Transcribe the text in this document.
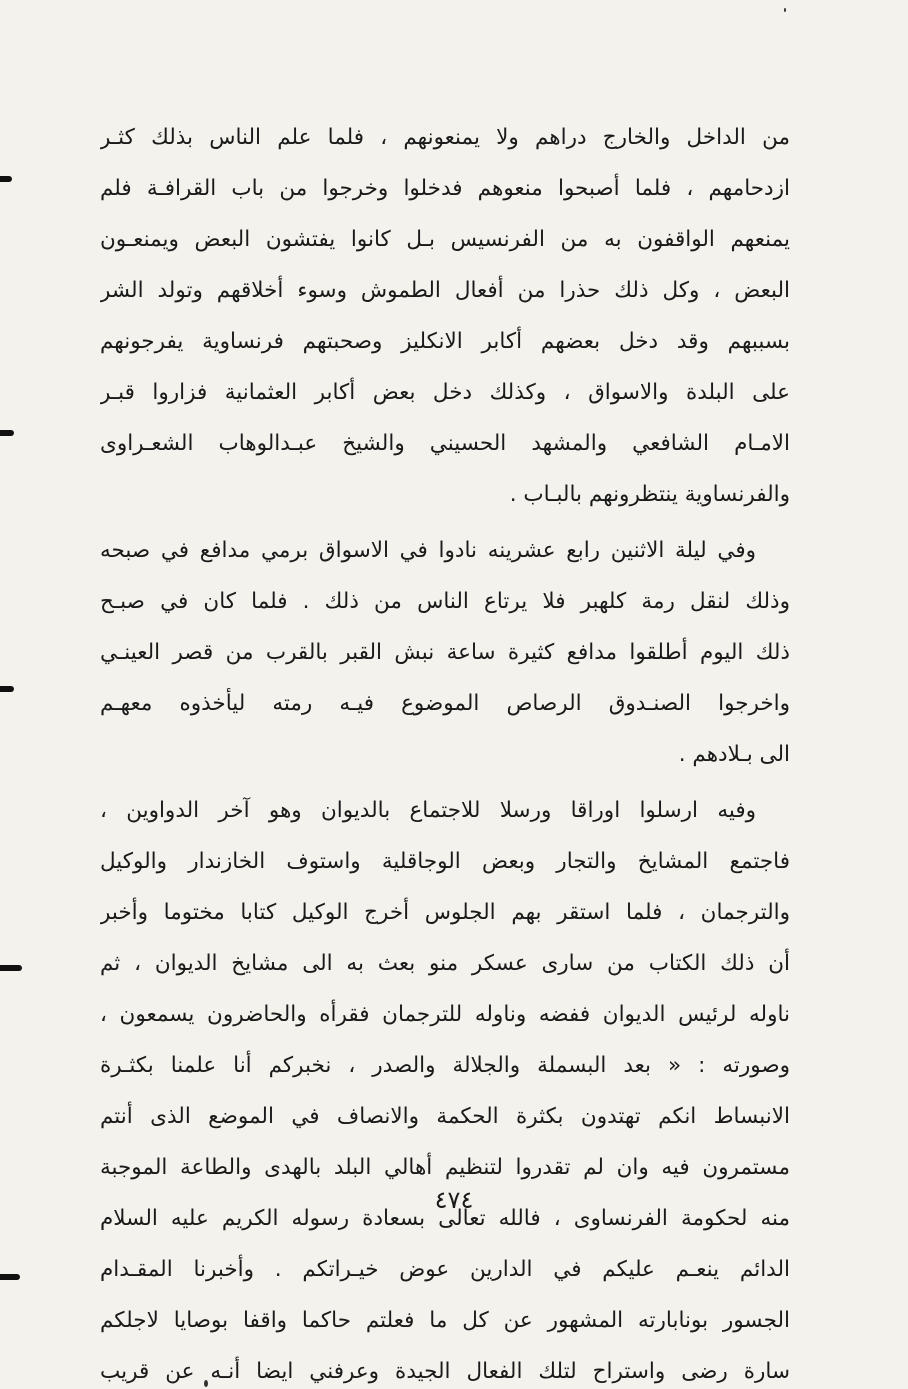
من الداخل والخارج دراهم ولا يمنعونهم ، فلما علم الناس بذلك كثـر
ازدحامهم ، فلما أصبحوا منعوهم فدخلوا وخرجوا من باب القرافـة فلم
يمنعهم الواقفون به من الفرنسيس بـل كانوا يفتشون البعض ويمنعـون
البعض ، وكل ذلك حذرا من أفعال الطموش وسوء أخلاقهم وتولد الشر
بسببهم وقد دخل بعضهم أكابر الانكليز وصحبتهم فرنساوية يفرجونهم
على البلدة والاسواق ، وكذلك دخل بعض أكابر العثمانية فزاروا قبـر
الامـام الشافعي والمشهد الحسيني والشيخ عبـدالوهاب الشعـراوى
والفرنساوية ينتظرونهم بالبـاب .
وفي ليلة الاثنين رابع عشرينه نادوا في الاسواق برمي مدافع في صبحه
وذلك لنقل رمة كلهبر فلا يرتاع الناس من ذلك . فلما كان في صبـح
ذلك اليوم أطلقوا مدافع كثيرة ساعة نبش القبر بالقرب من قصر العينـي
واخرجوا الصنـدوق الرصاص الموضوع فيـه رمته ليأخذوه معهـم
الى بـلادهم .
وفيه ارسلوا اوراقا ورسلا للاجتماع بالديوان وهو آخر الدواوين ،
فاجتمع المشايخ والتجار وبعض الوجاقلية واستوف الخازندار والوكيل
والترجمان ، فلما استقر بهم الجلوس أخرج الوكيل كتابا مختوما وأخبر
أن ذلك الكتاب من سارى عسكر منو بعث به الى مشايخ الديوان ، ثم
ناوله لرئيس الديوان ففضه وناوله للترجمان فقرأه والحاضرون يسمعون ،
وصورته : « بعد البسملة والجلالة والصدر ، نخبركم أنا علمنا بكثـرة
الانبساط انكم تهتدون بكثرة الحكمة والانصاف في الموضع الذى أنتم
مستمرون فيه وان لم تقدروا لتنظيم أهالي البلد بالهدى والطاعة الموجبة
منه لحكومة الفرنساوى ، فالله تعالى بسعادة رسوله الكريم عليه السلام
الدائم ينعـم عليكم في الدارين عوض خيـراتكم . وأخبرنا المقـدام
الجسور بونابارته المشهور عن كل ما فعلتم حاكما واقفا بوصايا لاجلكم
سارة رضى واستراح لتلك الفعال الجيدة وعرفني ايضا أنـه عن قريب
٤٧٤
